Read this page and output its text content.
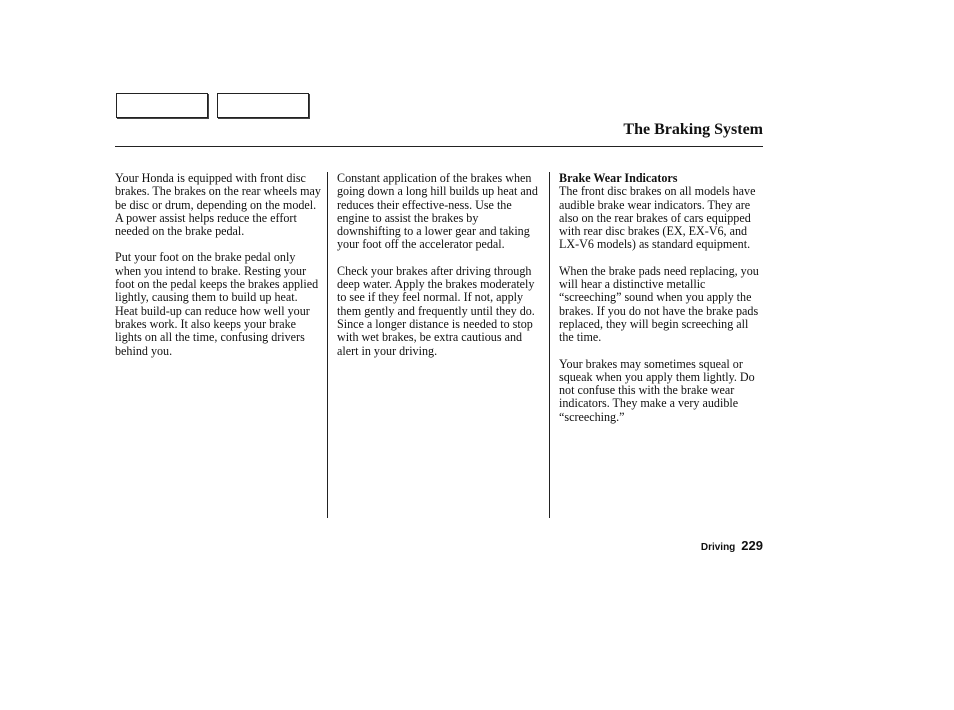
The Braking System

Your Honda is equipped with front disc brakes. The brakes on the rear wheels may be disc or drum, depending on the model. A power assist helps reduce the effort needed on the brake pedal.

Put your foot on the brake pedal only when you intend to brake. Resting your foot on the pedal keeps the brakes applied lightly, causing them to build up heat. Heat build-up can reduce how well your brakes work. It also keeps your brake lights on all the time, confusing drivers behind you.

Constant application of the brakes when going down a long hill builds up heat and reduces their effective-ness. Use the engine to assist the brakes by downshifting to a lower gear and taking your foot off the accelerator pedal.

Check your brakes after driving through deep water. Apply the brakes moderately to see if they feel normal. If not, apply them gently and frequently until they do. Since a longer distance is needed to stop with wet brakes, be extra cautious and alert in your driving.

Brake Wear Indicators
The front disc brakes on all models have audible brake wear indicators. They are also on the rear brakes of cars equipped with rear disc brakes (EX, EX-V6, and LX-V6 models) as standard equipment.

When the brake pads need replacing, you will hear a distinctive metallic “screeching” sound when you apply the brakes. If you do not have the brake pads replaced, they will begin screeching all the time.

Your brakes may sometimes squeal or squeak when you apply them lightly. Do not confuse this with the brake wear indicators. They make a very audible “screeching.”

Driving 229
